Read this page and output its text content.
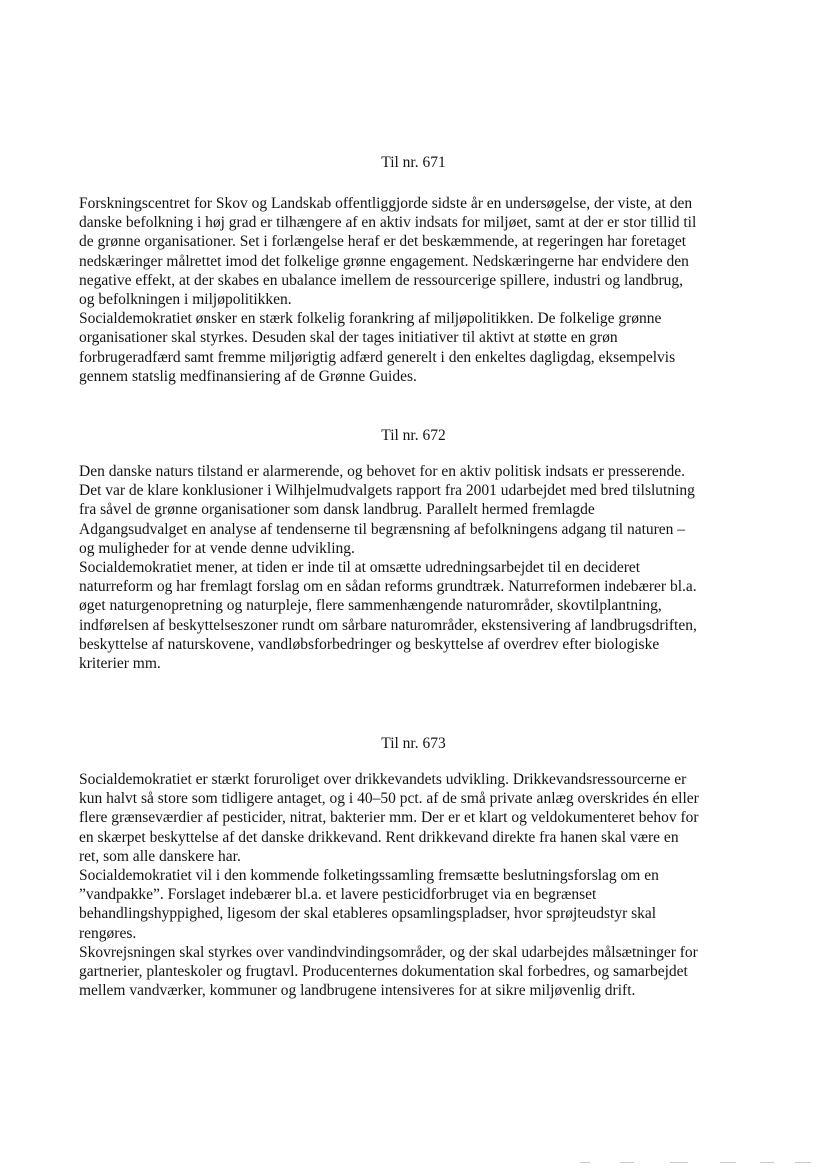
Til nr. 671
Forskningscentret for Skov og Landskab offentliggjorde sidste år en undersøgelse, der viste, at den
danske befolkning i høj grad er tilhængere af en aktiv indsats for miljøet, samt at der er stor tillid til
de grønne organisationer. Set i forlængelse heraf er det beskæmmende, at regeringen har foretaget
nedskæringer målrettet imod det folkelige grønne engagement. Nedskæringerne har endvidere den
negative effekt, at der skabes en ubalance imellem de ressourcerige spillere, industri og landbrug,
og befolkningen i miljøpolitikken.
Socialdemokratiet ønsker en stærk folkelig forankring af miljøpolitikken. De folkelige grønne
organisationer skal styrkes. Desuden skal der tages initiativer til aktivt at støtte en grøn
forbrugeradfærd samt fremme miljørigtig adfærd generelt i den enkeltes dagligdag, eksempelvis
gennem statslig medfinansiering af de Grønne Guides.
Til nr. 672
Den danske naturs tilstand er alarmerende, og behovet for en aktiv politisk indsats er presserende.
Det var de klare konklusioner i Wilhjelmudvalgets rapport fra 2001 udarbejdet med bred tilslutning
fra såvel de grønne organisationer som dansk landbrug. Parallelt hermed fremlagde
Adgangsudvalget en analyse af tendenserne til begrænsning af befolkningens adgang til naturen –
og muligheder for at vende denne udvikling.
Socialdemokratiet mener, at tiden er inde til at omsætte udredningsarbejdet til en decideret
naturreform og har fremlagt forslag om en sådan reforms grundtræk. Naturreformen indebærer bl.a.
øget naturgenopretning og naturpleje, flere sammenhængende naturområder, skovtilplantning,
indførelsen af beskyttelseszoner rundt om sårbare naturområder, ekstensivering af landbrugsdriften,
beskyttelse af naturskovene, vandløbsforbedringer og beskyttelse af overdrev efter biologiske
kriterier mm.
Til nr. 673
Socialdemokratiet er stærkt foruroliget over drikkevandets udvikling. Drikkevandsressourcerne er
kun halvt så store som tidligere antaget, og i 40–50 pct. af de små private anlæg overskrides én eller
flere grænseværdier af pesticider, nitrat, bakterier mm. Der er et klart og veldokumenteret behov for
en skærpet beskyttelse af det danske drikkevand. Rent drikkevand direkte fra hanen skal være en
ret, som alle danskere har.
Socialdemokratiet vil i den kommende folketingssamling fremsætte beslutningsforslag om en
”vandpakke”. Forslaget indebærer bl.a. et lavere pesticidforbruget via en begrænset
behandlingshyppighed, ligesom der skal etableres opsamlingspladser, hvor sprøjteudstyr skal
rengøres.
Skovrejsningen skal styrkes over vandindvindingsområder, og der skal udarbejdes målsætninger for
gartnerier, planteskoler og frugtavl. Producenternes dokumentation skal forbedres, og samarbejdet
mellem vandværker, kommuner og landbrugene intensiveres for at sikre miljøvenlig drift.
